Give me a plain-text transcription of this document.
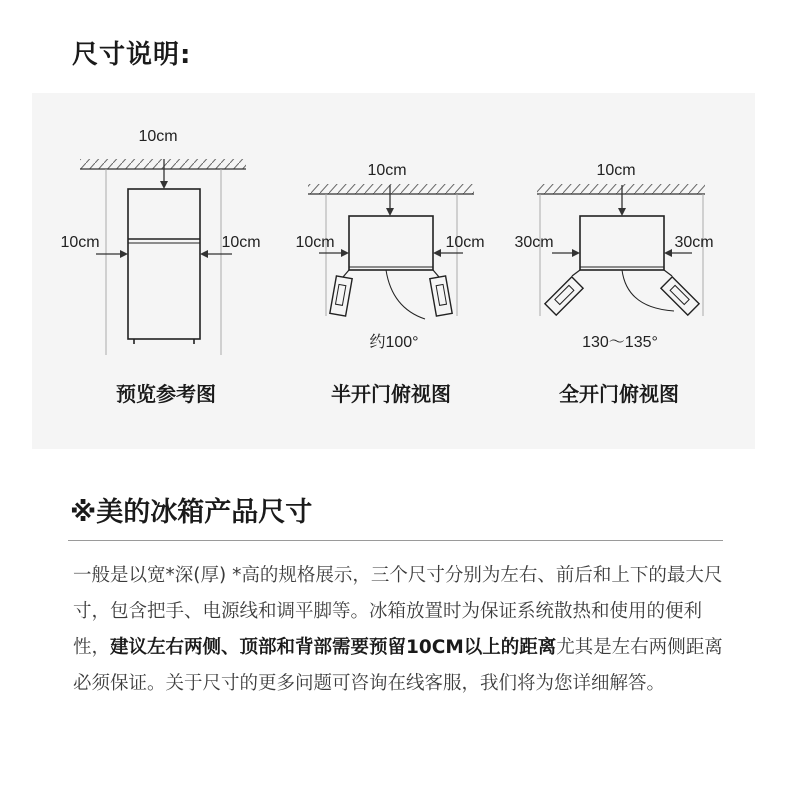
尺寸说明:
10cm
10cm	10cm
10cm
10cm	10cm
约100°
10cm
30cm	30cm
130～135°
预览参考图	半开门俯视图	全开门俯视图
※美的冰箱产品尺寸

一般是以宽*深(厚) *高的规格展示，三个尺寸分别为左右、前后和上下的最大尺寸，包含把手、电源线和调平脚等。冰箱放置时为保证系统散热和使用的便利性，建议左右两侧、顶部和背部需要预留10CM以上的距离尤其是左右两侧距离必须保证。关于尺寸的更多问题可咨询在线客服，我们将为您详细解答。
